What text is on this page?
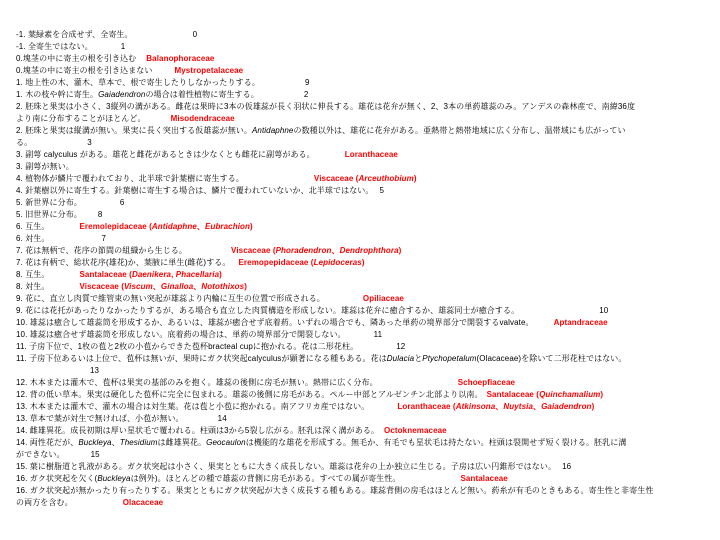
-1. 葉緑素を合成せず、全寄生。	0
-1. 全寄生ではない。	1
0.塊茎の中に寄主の根を引き込む Balanophoraceae
0.塊茎の中に寄主の根を引き込まない	Mystropetalaceae
1. 地上性の木、灌木、草本で、根で寄生したりしなかったりする。	9
1. 木の枝や幹に寄生。Gaiadendronの場合は着性植物に寄生する。	2
2. 胚珠と果実は小さく、3縦列の溝がある。雌花は果時に3本の仮雄蕊が長く羽状に伸長する。雄花は花弁が無く、2、3本の単葯雄蕊のみ。アンデスの森林産で、南緯36度
より南に分布することがほとんど。	Misodendraceae
2. 胚珠と果実は縦溝が無い。果実に長く突出する仮雄蕊が無い。Antidaphneの数種以外は、雄花に花弁がある。亜熱帯と熱帯地域に広く分布し、温帯域にも広がってい
る。	3
3. 副萼 calyculus がある。雄花と雌花があるときは少なくとも雌花に副萼がある。	Loranthaceae
3. 副萼が無い。
4. 植物体が鱗片で覆われており、北半球で針葉樹に寄生する。	Viscaceae (Arceuthobium)
4. 針葉樹以外に寄生する。針葉樹に寄生する場合は、鱗片で覆われていないか、北半球ではない。 5
5. 新世界に分布。	6
5. 旧世界に分布。 8
6. 互生。	Eremolepidaceae (Antidaphne、Eubrachion)
6. 対生。	7
7. 花は無柄で、花序の節間の組織から生じる。	Viscaceae (Phoradendron、Dendrophthora)
7. 花は有柄で、総状花序(雄花)か、葉腋に単生(雌花)する。 Eremopepidaceae (Lepidoceras)
8. 互生。	Santalaceae (Daenikera, Phacellaria)
8. 対生。	Viscaceae (Viscum、Ginalloa、Notothixos)
9. 花に、直立し肉質で維管束の無い突起が雄蕊より内輪に互生の位置で形成される。	Opiliaceae
9. 花には花托があったりなかったりするが、ある場合も直立した肉質構造を形成しない。雄蕊は花弁に癒合するか、雄蕊同士が癒合する。	10
10. 雄蕊は癒合して雄蕊筒を形成するか、あるいは、雄蕊が癒合せず底着葯。いずれの場合でも、隣あった単葯の境界部分で開裂するvalvate。	Aptandraceae
10. 雄蕊は癒合せず雄蕊筒を形成しない。底着葯の場合は、単葯の境界部分で開裂しない。	11
11. 子房下位で、1枚の苞と2枚の小苞からできた苞杯bracteal cupに抱かれる。花は二形花柱。	12
11. 子房下位あるいは上位で、苞杯は無いが、果時にガク状突起calyculusが顕著になる種もある。花はDulaciaとPtychopetalum(Olacaceae)を除いて二形花柱ではない。
13
12. 木本または灌木で、苞杯は果実の基部のみを抱く。雄蕊の後側に房毛が無い。熱帯に広く分布。	Schoepfiaceae
12. 背の低い草本。果実は硬化した苞杯に完全に包まれる。雄蕊の後側に房毛がある。ペルー中部とアルゼンチン北部より以南。 Santalaceae (Quinchamalium)
13. 木本または灌木で、灌木の場合は対生葉。花は苞と小苞に抱かれる。南アフリカ産ではない。	Loranthaceae (Atkinsona、Nuytsia、Gaiadendron)
13. 草本で葉が対生で無ければ、小苞が無い。	14
14. 雌雄異花。成長初期は厚い星状毛で覆われる。柱頭は3から5裂し広がる。胚乳は深く溝がある。 Octoknemaceae
14. 両性花だが、Buckleya、Thesidiumは雌雄異花。Geocaulonは機能的な雄花を形成する。無毛か、有毛でも星状毛は持たない。柱頭は裂開せず短く裂ける。胚乳に溝
ができない。	15
15. 葉に樹脂道と乳液がある。ガク状突起は小さく、果実とともに大きく成長しない。雄蕊は花弁の上か独立に生じる。子房は広い円錐形ではない。 16
16. ガク状突起を欠く(Buckleyaは例外)。ほとんどの種で雄蕊の背側に房毛がある。すべての属が寄生性。	Santalaceae
16. ガク状突起が無かったり有ったりする。果実とともにガク状突起が大きく成長する種もある。雄蕊背側の房毛はほとんど無い。葯糸が有毛のときもある。寄生性と非寄生性
の両方を含む。	Olacaceae
